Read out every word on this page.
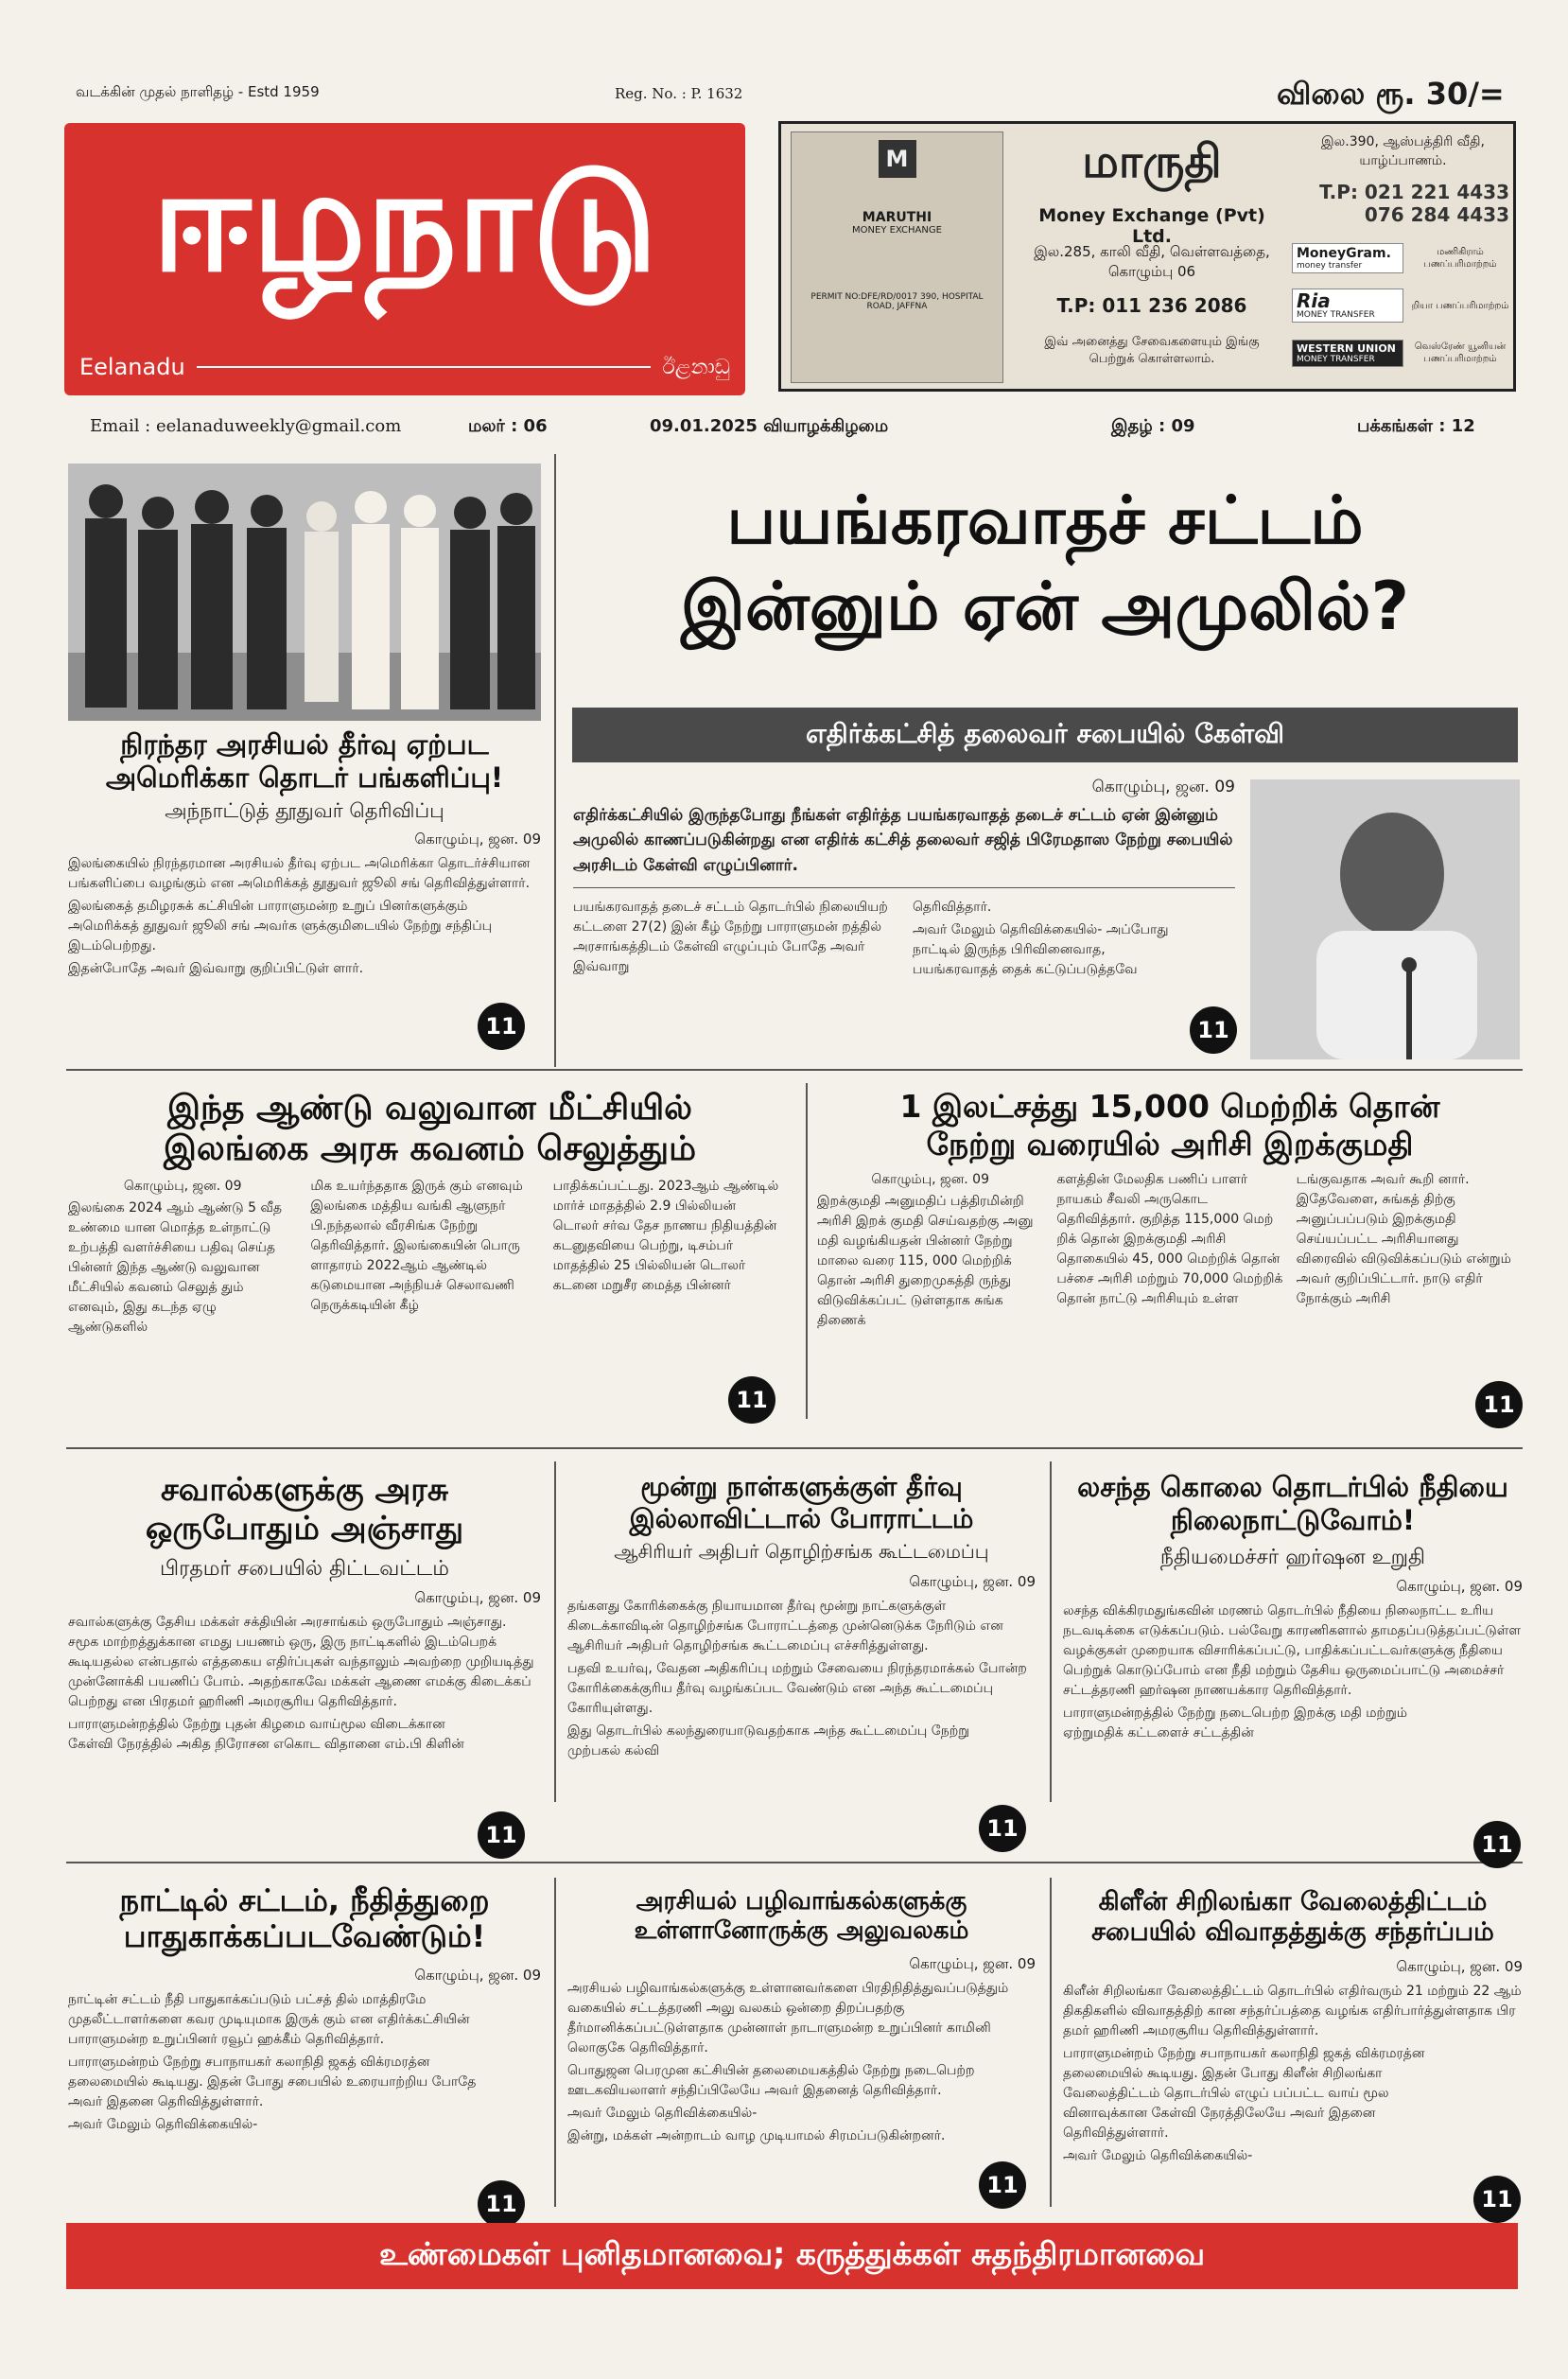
வடக்கின் முதல் நாளிதழ் - Estd 1959	Reg. No. : P. 1632	விலை ரூ. 30/=
ஈழநாடு
Eelanadu	ඊළනාඩු
M
MARUTHI
MONEY EXCHANGE
PERMIT NO:DFE/RD/0017 390, HOSPITAL ROAD, JAFFNA
மாருதி
Money Exchange (Pvt) Ltd.
இல.285, காலி வீதி, வெள்ளவத்தை, கொழும்பு 06
T.P: 011 236 2086
இவ் அனைத்து சேவைகளையும் இங்கு பெற்றுக் கொள்ளலாம்.
இல.390, ஆஸ்பத்திரி வீதி, யாழ்ப்பாணம்.
T.P: 021 221 4433
076 284 4433
MoneyGram.
money transfer
மணிகிராம் பணப்பரிமாற்றம்
Ria
MONEY TRANSFER
றியா பணப்பரிமாற்றம்
WESTERN UNION
MONEY TRANSFER
வெஸ்ரேண் யூனியன் பணப்பரிமாற்றம்
Email : eelanaduweekly@gmail.com	மலர் : 06	09.01.2025 வியாழக்கிழமை	இதழ் : 09	பக்கங்கள் : 12
நிரந்தர அரசியல் தீர்வு ஏற்பட அமெரிக்கா தொடர் பங்களிப்பு!
அந்நாட்டுத் தூதுவர் தெரிவிப்பு
கொழும்பு, ஜன. 09

இலங்கையில் நிரந்தரமான அரசியல் தீர்வு ஏற்பட அமெரிக்கா தொடர்ச்சியான பங்களிப்பை வழங்கும் என அமெரிக்கத் தூதுவர் ஜூலி சங் தெரிவித்துள்ளார்.

இலங்கைத் தமிழரசுக் கட்சியின் பாராளுமன்ற உறுப் பினர்களுக்கும் அமெரிக்கத் தூதுவர் ஜூலி சங் அவர்க ளுக்குமிடையில் நேற்று சந்திப்பு இடம்பெற்றது.

இதன்போதே அவர் இவ்வாறு குறிப்பிட்டுள் ளார்.

11
பயங்கரவாதச் சட்டம்
இன்னும் ஏன் அமுலில்?
எதிர்க்கட்சித் தலைவர் சபையில் கேள்வி
கொழும்பு, ஜன. 09
எதிர்க்கட்சியில் இருந்தபோது நீங்கள் எதிர்த்த பயங்கரவாதத் தடைச் சட்டம் ஏன் இன்னும் அமுலில் காணப்படுகின்றது என எதிர்க் கட்சித் தலைவர் சஜித் பிரேமதாஸ நேற்று சபையில் அரசிடம் கேள்வி எழுப்பினார்.
பயங்கரவாதத் தடைச் சட்டம் தொடர்பில் நிலையியற் கட்டளை 27(2) இன் கீழ் நேற்று பாராளுமன் றத்தில் அரசாங்கத்திடம் கேள்வி எழுப்பும் போதே அவர் இவ்வாறு

தெரிவித்தார்.

அவர் மேலும் தெரிவிக்கையில்- அப்போது நாட்டில் இருந்த பிரிவினைவாத, பயங்கரவாதத் தைக் கட்டுப்படுத்தவே

11
இந்த ஆண்டு வலுவான மீட்சியில்
இலங்கை அரசு கவனம் செலுத்தும்
கொழும்பு, ஜன. 09
இலங்கை 2024 ஆம் ஆண்டு 5 வீத உண்மை யான மொத்த உள்நாட்டு உற்பத்தி வளர்ச்சியை பதிவு செய்த பின்னர் இந்த ஆண்டு வலுவான மீட்சியில் கவனம் செலுத் தும் எனவும், இது கடந்த ஏழு ஆண்டுகளில்
மிக உயர்ந்ததாக இருக் கும் எனவும் இலங்கை மத்திய வங்கி ஆளுநர் பி.நந்தலால் வீரசிங்க நேற்று தெரிவித்தார். இலங்கையின் பொரு ளாதாரம் 2022ஆம் ஆண்டில் கடுமையான அந்நியச் செலாவணி நெருக்கடியின் கீழ்
பாதிக்கப்பட்டது. 2023ஆம் ஆண்டில் மார்ச் மாதத்தில் 2.9 பில்லியன் டொலர் சர்வ தேச நாணய நிதியத்தின் கடனுதவியை பெற்று, டிசம்பர் மாதத்தில் 25 பில்லியன் டொலர் கடனை மறுசீர மைத்த பின்னர்
11
1 இலட்சத்து 15,000 மெற்றிக் தொன்
நேற்று வரையில் அரிசி இறக்குமதி
கொழும்பு, ஜன. 09
இறக்குமதி அனுமதிப் பத்திரமின்றி அரிசி இறக் குமதி செய்வதற்கு அனு மதி வழங்கியதன் பின்னர் நேற்று மாலை வரை 115, 000 மெற்றிக் தொன் அரிசி துறைமுகத்தி ருந்து விடுவிக்கப்பட் டுள்ளதாக சுங்க திணைக்
களத்தின் மேலதிக பணிப் பாளர் நாயகம் சீவலி அருகொட தெரிவித்தார். குறித்த 115,000 மெற் றிக் தொன் இறக்குமதி அரிசி தொகையில் 45, 000 மெற்றிக் தொன் பச்சை அரிசி மற்றும் 70,000 மெற்றிக் தொன் நாட்டு அரிசியும் உள்ள
டங்குவதாக அவர் கூறி னார். இதேவேளை, சுங்கத் திற்கு அனுப்பப்படும் இறக்குமதி செய்யப்பட்ட அரிசியானது விரைவில் விடுவிக்கப்படும் என்றும் அவர் குறிப்பிட்டார். நாடு எதிர் நோக்கும் அரிசி
11
சவால்களுக்கு அரசு ஒருபோதும் அஞ்சாது
பிரதமர் சபையில் திட்டவட்டம்
கொழும்பு, ஜன. 09

சவால்களுக்கு தேசிய மக்கள் சக்தியின் அரசாங்கம் ஒருபோதும் அஞ்சாது. சமூக மாற்றத்துக்கான எமது பயணம் ஒரு, இரு நாட்டிகளில் இடம்பெறக் கூடியதல்ல என்பதால் எத்தகைய எதிர்ப்புகள் வந்தாலும் அவற்றை முறியடித்து முன்னோக்கி பயணிப் போம். அதற்காகவே மக்கள் ஆணை எமக்கு கிடைக்கப் பெற்றது என பிரதமர் ஹரிணி அமரசூரிய தெரிவித்தார்.

பாராளுமன்றத்தில் நேற்று புதன் கிழமை வாய்மூல விடைக்கான கேள்வி நேரத்தில் அகித நிரோசன எகொட விதானை எம்.பி கிளின்

11
மூன்று நாள்களுக்குள் தீர்வு இல்லாவிட்டால் போராட்டம்
ஆசிரியர் அதிபர் தொழிற்சங்க கூட்டமைப்பு
கொழும்பு, ஜன. 09

தங்களது கோரிக்கைக்கு நியாயமான தீர்வு மூன்று நாட்களுக்குள் கிடைக்காவிடின் தொழிற்சங்க போராட்டத்தை முன்னெடுக்க நேரிடும் என ஆசிரியர் அதிபர் தொழிற்சங்க கூட்டமைப்பு எச்சரித்துள்ளது.

பதவி உயர்வு, வேதன அதிகரிப்பு மற்றும் சேவையை நிரந்தரமாக்கல் போன்ற கோரிக்கைக்குரிய தீர்வு வழங்கப்பட வேண்டும் என அந்த கூட்டமைப்பு கோரியுள்ளது.

இது தொடர்பில் கலந்துரையாடுவதற்காக அந்த கூட்டமைப்பு நேற்று முற்பகல் கல்வி

11
லசந்த கொலை தொடர்பில் நீதியை நிலைநாட்டுவோம்!
நீதியமைச்சர் ஹர்ஷன உறுதி
கொழும்பு, ஜன. 09

லசந்த விக்கிரமதுங்கவின் மரணம் தொடர்பில் நீதியை நிலைநாட்ட உரிய நடவடிக்கை எடுக்கப்படும். பல்வேறு காரணிகளால் தாமதப்படுத்தப்பட்டுள்ள வழக்குகள் முறையாக விசாரிக்கப்பட்டு, பாதிக்கப்பட்டவர்களுக்கு நீதியை பெற்றுக் கொடுப்போம் என நீதி மற்றும் தேசிய ஒருமைப்பாட்டு அமைச்சர் சட்டத்தரணி ஹர்ஷன நாணயக்கார தெரிவித்தார்.

பாராளுமன்றத்தில் நேற்று நடைபெற்ற இறக்கு மதி மற்றும் ஏற்றுமதிக் கட்டளைச் சட்டத்தின்

11
நாட்டில் சட்டம், நீதித்துறை பாதுகாக்கப்படவேண்டும்!
கொழும்பு, ஜன. 09

நாட்டின் சட்டம் நீதி பாதுகாக்கப்படும் பட்சத் தில் மாத்திரமே முதலீட்டாளர்களை கவர முடியுமாக இருக் கும் என எதிர்க்கட்சியின் பாராளுமன்ற உறுப்பினர் ரவூப் ஹக்கீம் தெரிவித்தார்.

பாராளுமன்றம் நேற்று சபாநாயகர் கலாநிதி ஜகத் விக்ரமரத்ன தலைமையில் கூடியது. இதன் போது சபையில் உரையாற்றிய போதே அவர் இதனை தெரிவித்துள்ளார்.

அவர் மேலும் தெரிவிக்கையில்-

11
அரசியல் பழிவாங்கல்களுக்கு உள்ளானோருக்கு அலுவலகம்
கொழும்பு, ஜன. 09

அரசியல் பழிவாங்கல்களுக்கு உள்ளானவர்களை பிரதிநிதித்துவப்படுத்தும் வகையில் சட்டத்தரணி அலு வலகம் ஒன்றை திறப்பதற்கு தீர்மானிக்கப்பட்டுள்ளதாக முன்னாள் நாடாளுமன்ற உறுப்பினர் காமினி லொகுகே தெரிவித்தார்.

பொதுஜன பெரமுன கட்சியின் தலைமையகத்தில் நேற்று நடைபெற்ற ஊடகவியலாளர் சந்திப்பிலேயே அவர் இதனைத் தெரிவித்தார்.

அவர் மேலும் தெரிவிக்கையில்-

இன்று, மக்கள் அன்றாடம் வாழ முடியாமல் சிரமப்படுகின்றனர்.

11
கிளீன் சிறிலங்கா வேலைத்திட்டம் சபையில் விவாதத்துக்கு சந்தர்ப்பம்
கொழும்பு, ஜன. 09

கிளீன் சிறிலங்கா வேலைத்திட்டம் தொடர்பில் எதிர்வரும் 21 மற்றும் 22 ஆம் திகதிகளில் விவாதத்திற் கான சந்தர்ப்பத்தை வழங்க எதிர்பார்த்துள்ளதாக பிர தமர் ஹரிணி அமரசூரிய தெரிவித்துள்ளார்.

பாராளுமன்றம் நேற்று சபாநாயகர் கலாநிதி ஜகத் விக்ரமரத்ன தலைமையில் கூடியது. இதன் போது கிளீன் சிறிலங்கா வேலைத்திட்டம் தொடர்பில் எழுப் பப்பட்ட வாய் மூல வினாவுக்கான கேள்வி நேரத்திலேயே அவர் இதனை தெரிவித்துள்ளார்.

அவர் மேலும் தெரிவிக்கையில்-

11
உண்மைகள் புனிதமானவை; கருத்துக்கள் சுதந்திரமானவை
